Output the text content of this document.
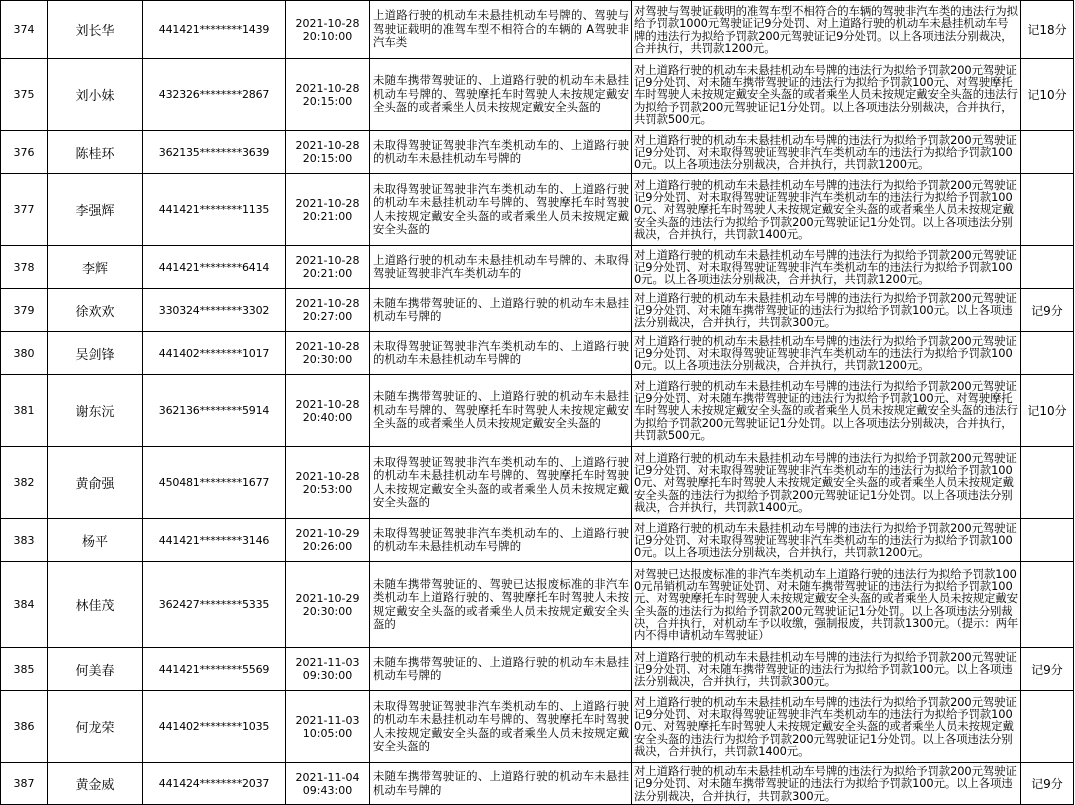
374	刘长华	441421********1439	2021-10-28
20:10:00	上道路行驶的机动车未悬挂机动车号牌的、驾驶与驾驶证载明的准驾车型不相符合的车辆的 A驾驶非汽车类	对驾驶与驾驶证载明的准驾车型不相符合的车辆的驾驶非汽车类的违法行为拟给予罚款1000元驾驶证记9分处罚、对上道路行驶的机动车未悬挂机动车号牌的违法行为拟给予罚款200元驾驶证记9分处罚。以上各项违法分别裁决，合并执行，共罚款1200元。	记18分
375	刘小妹	432326********2867	2021-10-28
20:15:00	未随车携带驾驶证的、上道路行驶的机动车未悬挂机动车号牌的、驾驶摩托车时驾驶人未按规定戴安全头盔的或者乘坐人员未按规定戴安全头盔的	对上道路行驶的机动车未悬挂机动车号牌的违法行为拟给予罚款200元驾驶证记9分处罚、对未随车携带驾驶证的违法行为拟给予罚款100元、对驾驶摩托车时驾驶人未按规定戴安全头盔的或者乘坐人员未按规定戴安全头盔的违法行为拟给予罚款200元驾驶证记1分处罚。以上各项违法分别裁决，合并执行，共罚款500元。	记10分
376	陈桂环	362135********3639	2021-10-28
20:15:00	未取得驾驶证驾驶非汽车类机动车的、上道路行驶的机动车未悬挂机动车号牌的	对上道路行驶的机动车未悬挂机动车号牌的违法行为拟给予罚款200元驾驶证记9分处罚、对未取得驾驶证驾驶非汽车类机动车的违法行为拟给予罚款1000元。以上各项违法分别裁决，合并执行，共罚款1200元。	
377	李强辉	441421********1135	2021-10-28
20:21:00	未取得驾驶证驾驶非汽车类机动车的、上道路行驶的机动车未悬挂机动车号牌的、驾驶摩托车时驾驶人未按规定戴安全头盔的或者乘坐人员未按规定戴安全头盔的	对上道路行驶的机动车未悬挂机动车号牌的违法行为拟给予罚款200元驾驶证记9分处罚、对未取得驾驶证驾驶非汽车类机动车的违法行为拟给予罚款1000元、对驾驶摩托车时驾驶人未按规定戴安全头盔的或者乘坐人员未按规定戴安全头盔的违法行为拟给予罚款200元驾驶证记1分处罚。以上各项违法分别裁决，合并执行，共罚款1400元。	
378	李辉	441421********6414	2021-10-28
20:21:00	上道路行驶的机动车未悬挂机动车号牌的、未取得驾驶证驾驶非汽车类机动车的	对上道路行驶的机动车未悬挂机动车号牌的违法行为拟给予罚款200元驾驶证记9分处罚、对未取得驾驶证驾驶非汽车类机动车的违法行为拟给予罚款1000元。以上各项违法分别裁决，合并执行，共罚款1200元。	
379	徐欢欢	330324********3302	2021-10-28
20:27:00	未随车携带驾驶证的、上道路行驶的机动车未悬挂机动车号牌的	对上道路行驶的机动车未悬挂机动车号牌的违法行为拟给予罚款200元驾驶证记9分处罚、对未随车携带驾驶证的违法行为拟给予罚款100元。以上各项违法分别裁决，合并执行，共罚款300元。	记9分
380	吴剑锋	441402********1017	2021-10-28
20:30:00	未取得驾驶证驾驶非汽车类机动车的、上道路行驶的机动车未悬挂机动车号牌的	对上道路行驶的机动车未悬挂机动车号牌的违法行为拟给予罚款200元驾驶证记9分处罚、对未取得驾驶证驾驶非汽车类机动车的违法行为拟给予罚款1000元。以上各项违法分别裁决，合并执行，共罚款1200元。	
381	谢东沅	362136********5914	2021-10-28
20:40:00	未随车携带驾驶证的、上道路行驶的机动车未悬挂机动车号牌的、驾驶摩托车时驾驶人未按规定戴安全头盔的或者乘坐人员未按规定戴安全头盔的	对上道路行驶的机动车未悬挂机动车号牌的违法行为拟给予罚款200元驾驶证记9分处罚、对未随车携带驾驶证的违法行为拟给予罚款100元、对驾驶摩托车时驾驶人未按规定戴安全头盔的或者乘坐人员未按规定戴安全头盔的违法行为拟给予罚款200元驾驶证记1分处罚。以上各项违法分别裁决，合并执行，共罚款500元。	记10分
382	黄俞强	450481********1677	2021-10-28
20:53:00	未取得驾驶证驾驶非汽车类机动车的、上道路行驶的机动车未悬挂机动车号牌的、驾驶摩托车时驾驶人未按规定戴安全头盔的或者乘坐人员未按规定戴安全头盔的	对上道路行驶的机动车未悬挂机动车号牌的违法行为拟给予罚款200元驾驶证记9分处罚、对未取得驾驶证驾驶非汽车类机动车的违法行为拟给予罚款1000元、对驾驶摩托车时驾驶人未按规定戴安全头盔的或者乘坐人员未按规定戴安全头盔的违法行为拟给予罚款200元驾驶证记1分处罚。以上各项违法分别裁决，合并执行，共罚款1400元。	
383	杨平	441421********3146	2021-10-29
20:26:00	未取得驾驶证驾驶非汽车类机动车的、上道路行驶的机动车未悬挂机动车号牌的	对上道路行驶的机动车未悬挂机动车号牌的违法行为拟给予罚款200元驾驶证记9分处罚、对未取得驾驶证驾驶非汽车类机动车的违法行为拟给予罚款1000元。以上各项违法分别裁决，合并执行，共罚款1200元。	
384	林佳茂	362427********5335	2021-10-29
20:30:00	未随车携带驾驶证的、驾驶已达报废标准的非汽车类机动车上道路行驶的、驾驶摩托车时驾驶人未按规定戴安全头盔的或者乘坐人员未按规定戴安全头盔的	对驾驶已达报废标准的非汽车类机动车上道路行驶的违法行为拟给予罚款1000元吊销机动车驾驶证处罚、对未随车携带驾驶证的违法行为拟给予罚款100元、对驾驶摩托车时驾驶人未按规定戴安全头盔的或者乘坐人员未按规定戴安全头盔的违法行为拟给予罚款200元驾驶证记1分处罚。以上各项违法分别裁决，合并执行，对机动车予以收缴，强制报废，共罚款1300元。（提示：两年内不得申请机动车驾驶证）	
385	何美春	441421********5569	2021-11-03
09:30:00	未随车携带驾驶证的、上道路行驶的机动车未悬挂机动车号牌的	对上道路行驶的机动车未悬挂机动车号牌的违法行为拟给予罚款200元驾驶证记9分处罚、对未随车携带驾驶证的违法行为拟给予罚款100元。以上各项违法分别裁决，合并执行，共罚款300元。	记9分
386	何龙荣	441402********1035	2021-11-03
10:05:00	未取得驾驶证驾驶非汽车类机动车的、上道路行驶的机动车未悬挂机动车号牌的、驾驶摩托车时驾驶人未按规定戴安全头盔的或者乘坐人员未按规定戴安全头盔的	对上道路行驶的机动车未悬挂机动车号牌的违法行为拟给予罚款200元驾驶证记9分处罚、对未取得驾驶证驾驶非汽车类机动车的违法行为拟给予罚款1000元、对驾驶摩托车时驾驶人未按规定戴安全头盔的或者乘坐人员未按规定戴安全头盔的违法行为拟给予罚款200元驾驶证记1分处罚。以上各项违法分别裁决，合并执行，共罚款1400元。	
387	黄金威	441424********2037	2021-11-04
09:43:00	未随车携带驾驶证的、上道路行驶的机动车未悬挂机动车号牌的	对上道路行驶的机动车未悬挂机动车号牌的违法行为拟给予罚款200元驾驶证记9分处罚、对未随车携带驾驶证的违法行为拟给予罚款100元。以上各项违法分别裁决，合并执行，共罚款300元。	记9分
